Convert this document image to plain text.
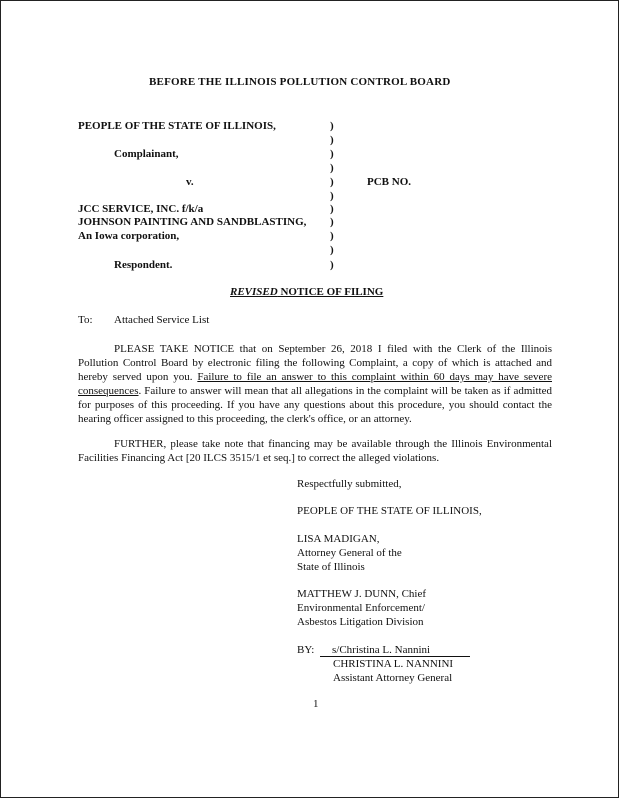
BEFORE THE ILLINOIS POLLUTION CONTROL BOARD
PEOPLE OF THE STATE OF ILLINOIS,
Complainant,
v.
JCC SERVICE, INC. f/k/a
JOHNSON PAINTING AND SANDBLASTING,
An Iowa corporation,
Respondent.
)
)
)
)
)
)
)
)
)
)
)
PCB NO.
REVISED NOTICE OF FILING
To: Attached Service List
PLEASE TAKE NOTICE that on September 26, 2018 I filed with the Clerk of the Illinois Pollution Control Board by electronic filing the following Complaint, a copy of which is attached and hereby served upon you. Failure to file an answer to this complaint within 60 days may have severe consequences. Failure to answer will mean that all allegations in the complaint will be taken as if admitted for purposes of this proceeding. If you have any questions about this procedure, you should contact the hearing officer assigned to this proceeding, the clerk's office, or an attorney.
FURTHER, please take note that financing may be available through the Illinois Environmental Facilities Financing Act [20 ILCS 3515/1 et seq.] to correct the alleged violations.
Respectfully submitted,
PEOPLE OF THE STATE OF ILLINOIS,
LISA MADIGAN,
Attorney General of the
State of Illinois
MATTHEW J. DUNN, Chief
Environmental Enforcement/
Asbestos Litigation Division
BY:	s/Christina L. Nannini
CHRISTINA L. NANNINI
Assistant Attorney General
1
